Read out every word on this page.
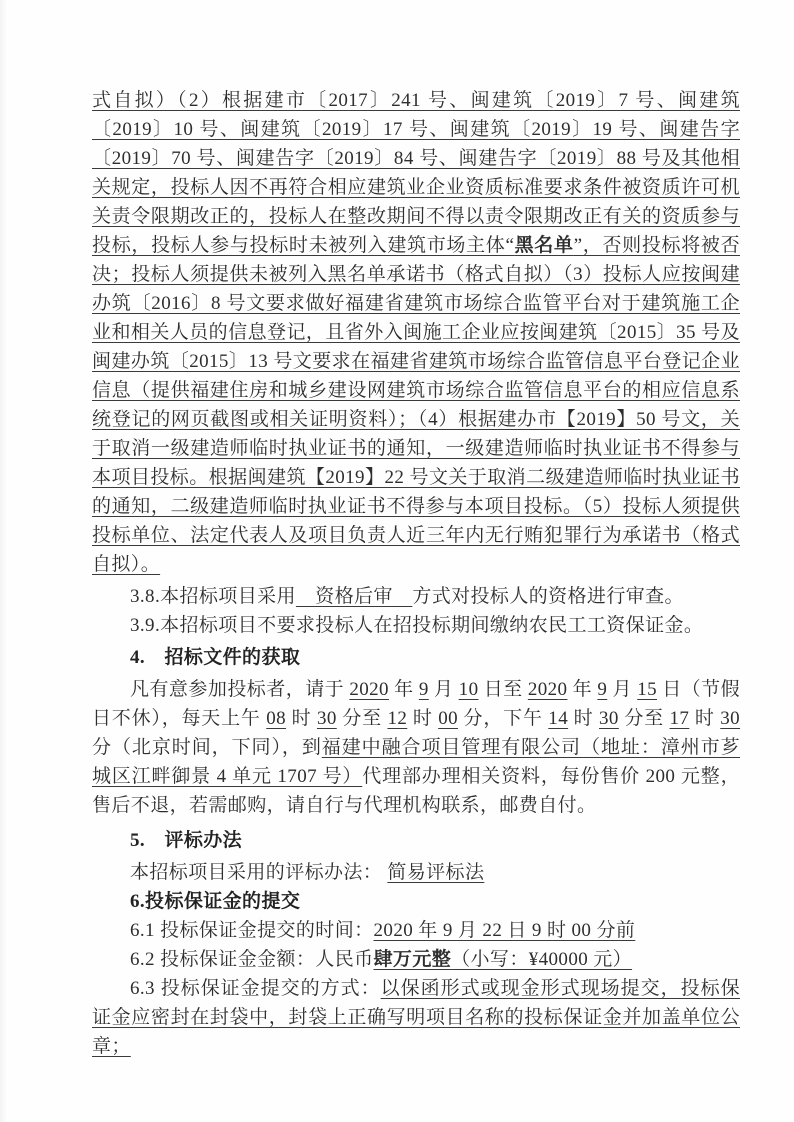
式自拟）（2）根据建市〔2017〕241 号、闽建筑〔2019〕7 号、闽建筑〔2019〕10 号、闽建筑〔2019〕17 号、闽建筑〔2019〕19 号、闽建告字〔2019〕70 号、闽建告字〔2019〕84 号、闽建告字〔2019〕88 号及其他相关规定，投标人因不再符合相应建筑业企业资质标准要求条件被资质许可机关责令限期改正的，投标人在整改期间不得以责令限期改正有关的资质参与投标，投标人参与投标时未被列入建筑市场主体“黑名单”，否则投标将被否决；投标人须提供未被列入黑名单承诺书（格式自拟）（3）投标人应按闽建办筑〔2016〕8 号文要求做好福建省建筑市场综合监管平台对于建筑施工企业和相关人员的信息登记，且省外入闽施工企业应按闽建筑〔2015〕35 号及闽建办筑〔2015〕13 号文要求在福建省建筑市场综合监管信息平台登记企业信息（提供福建住房和城乡建设网建筑市场综合监管信息平台的相应信息系统登记的网页截图或相关证明资料）；（4）根据建办市【2019】50 号文，关于取消一级建造师临时执业证书的通知，一级建造师临时执业证书不得参与本项目投标。根据闽建筑【2019】22 号文关于取消二级建造师临时执业证书的通知，二级建造师临时执业证书不得参与本项目投标。（5）投标人须提供投标单位、法定代表人及项目负责人近三年内无行贿犯罪行为承诺书（格式自拟）。

3.8.本招标项目采用　资格后审　方式对投标人的资格进行审查。

3.9.本招标项目不要求投标人在招投标期间缴纳农民工工资保证金。

4.　招标文件的获取

凡有意参加投标者，请于 2020 年 9 月 10 日至 2020 年 9 月 15 日（节假日不休），每天上午 08 时 30 分至 12 时 00 分，下午 14 时 30 分至 17 时 30 分（北京时间，下同），到福建中融合项目管理有限公司（地址：漳州市芗城区江畔御景 4 单元 1707 号）代理部办理相关资料，每份售价 200 元整，售后不退，若需邮购，请自行与代理机构联系，邮费自付。

5.　评标办法

本招标项目采用的评标办法： 简易评标法

6.投标保证金的提交

6.1 投标保证金提交的时间：2020 年 9 月 22 日 9 时 00 分前

6.2 投标保证金金额：人民币肆万元整（小写：¥40000 元）

6.3 投标保证金提交的方式：以保函形式或现金形式现场提交，投标保证金应密封在封袋中，封袋上正确写明项目名称的投标保证金并加盖单位公章；
